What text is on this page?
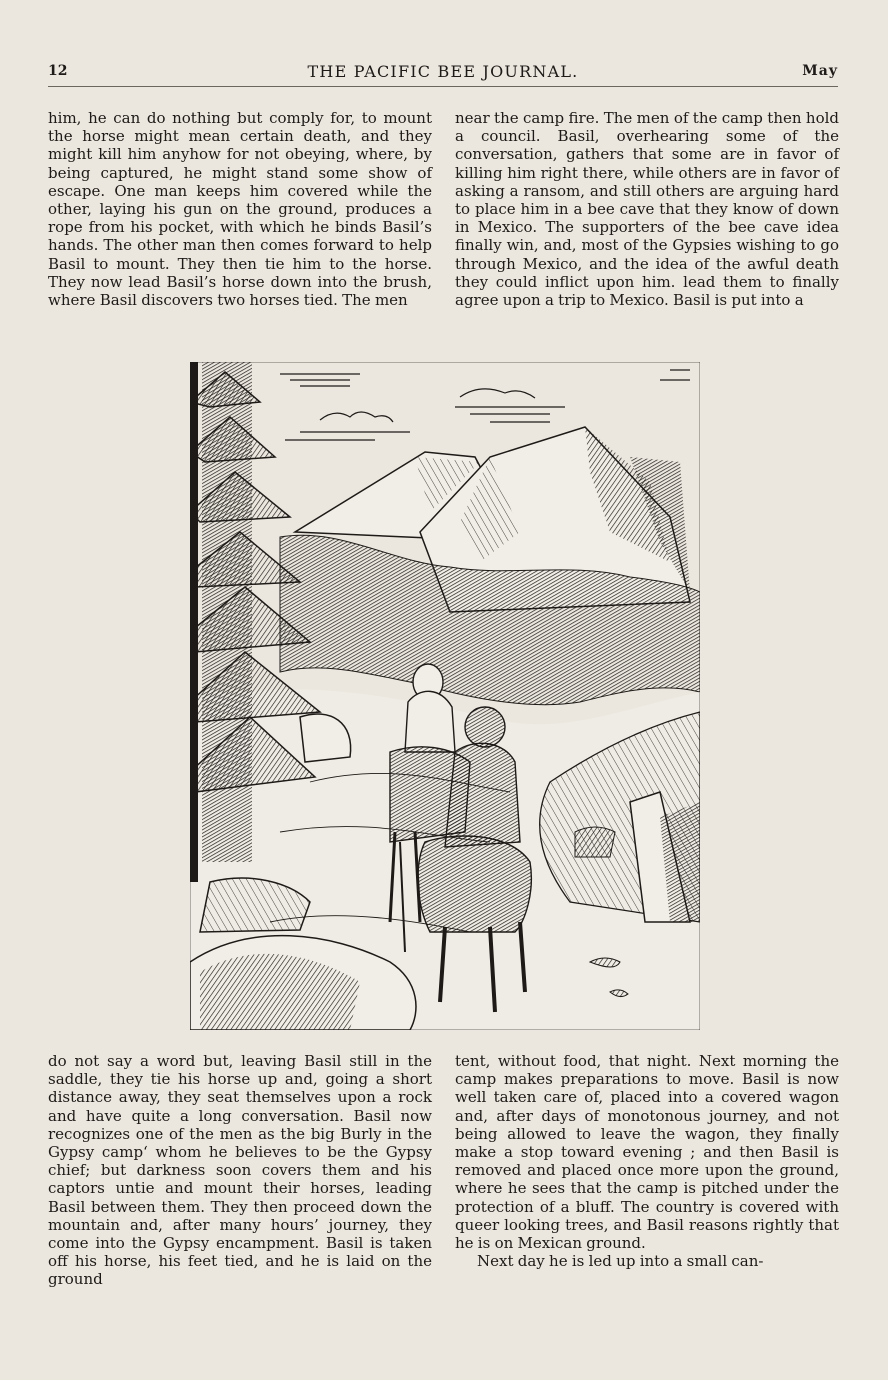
12	THE PACIFIC BEE JOURNAL.	May

him, he can do nothing but comply for, to mount the horse might mean certain death, and they might kill him anyhow for not obeying, where, by being captured, he might stand some show of escape. One man keeps him covered while the other, laying his gun on the ground, produces a rope from his pocket, with which he binds Basil’s hands. The other man then comes forward to help Basil to mount. They then tie him to the horse. They now lead Basil’s horse down into the brush, where Basil discovers two horses tied. The men

near the camp fire. The men of the camp then hold a council. Basil, overhearing some of the conversation, gathers that some are in favor of killing him right there, while others are in favor of asking a ransom, and still others are arguing hard to place him in a bee cave that they know of down in Mexico. The supporters of the bee cave idea finally win, and, most of the Gypsies wishing to go through Mexico, and the idea of the awful death they could inflict upon him. lead them to finally agree upon a trip to Mexico. Basil is put into a

do not say a word but, leaving Basil still in the saddle, they tie his horse up and, going a short distance away, they seat themselves upon a rock and have quite a long conversation. Basil now recognizes one of the men as the big Burly in the Gypsy camp‘ whom he believes to be the Gypsy chief; but darkness soon covers them and his captors untie and mount their horses, leading Basil between them. They then proceed down the mountain and, after many hours’ journey, they come into the Gypsy encampment. Basil is taken off his horse, his feet tied, and he is laid on the ground

tent, without food, that night. Next morning the camp makes preparations to move. Basil is now well taken care of, placed into a covered wagon and, after days of monotonous journey, and not being allowed to leave the wagon, they finally make a stop toward evening ; and then Basil is removed and placed once more upon the ground, where he sees that the camp is pitched under the protection of a bluff. The country is covered with queer looking trees, and Basil reasons rightly that he is on Mexican ground.

Next day he is led up into a small can-
